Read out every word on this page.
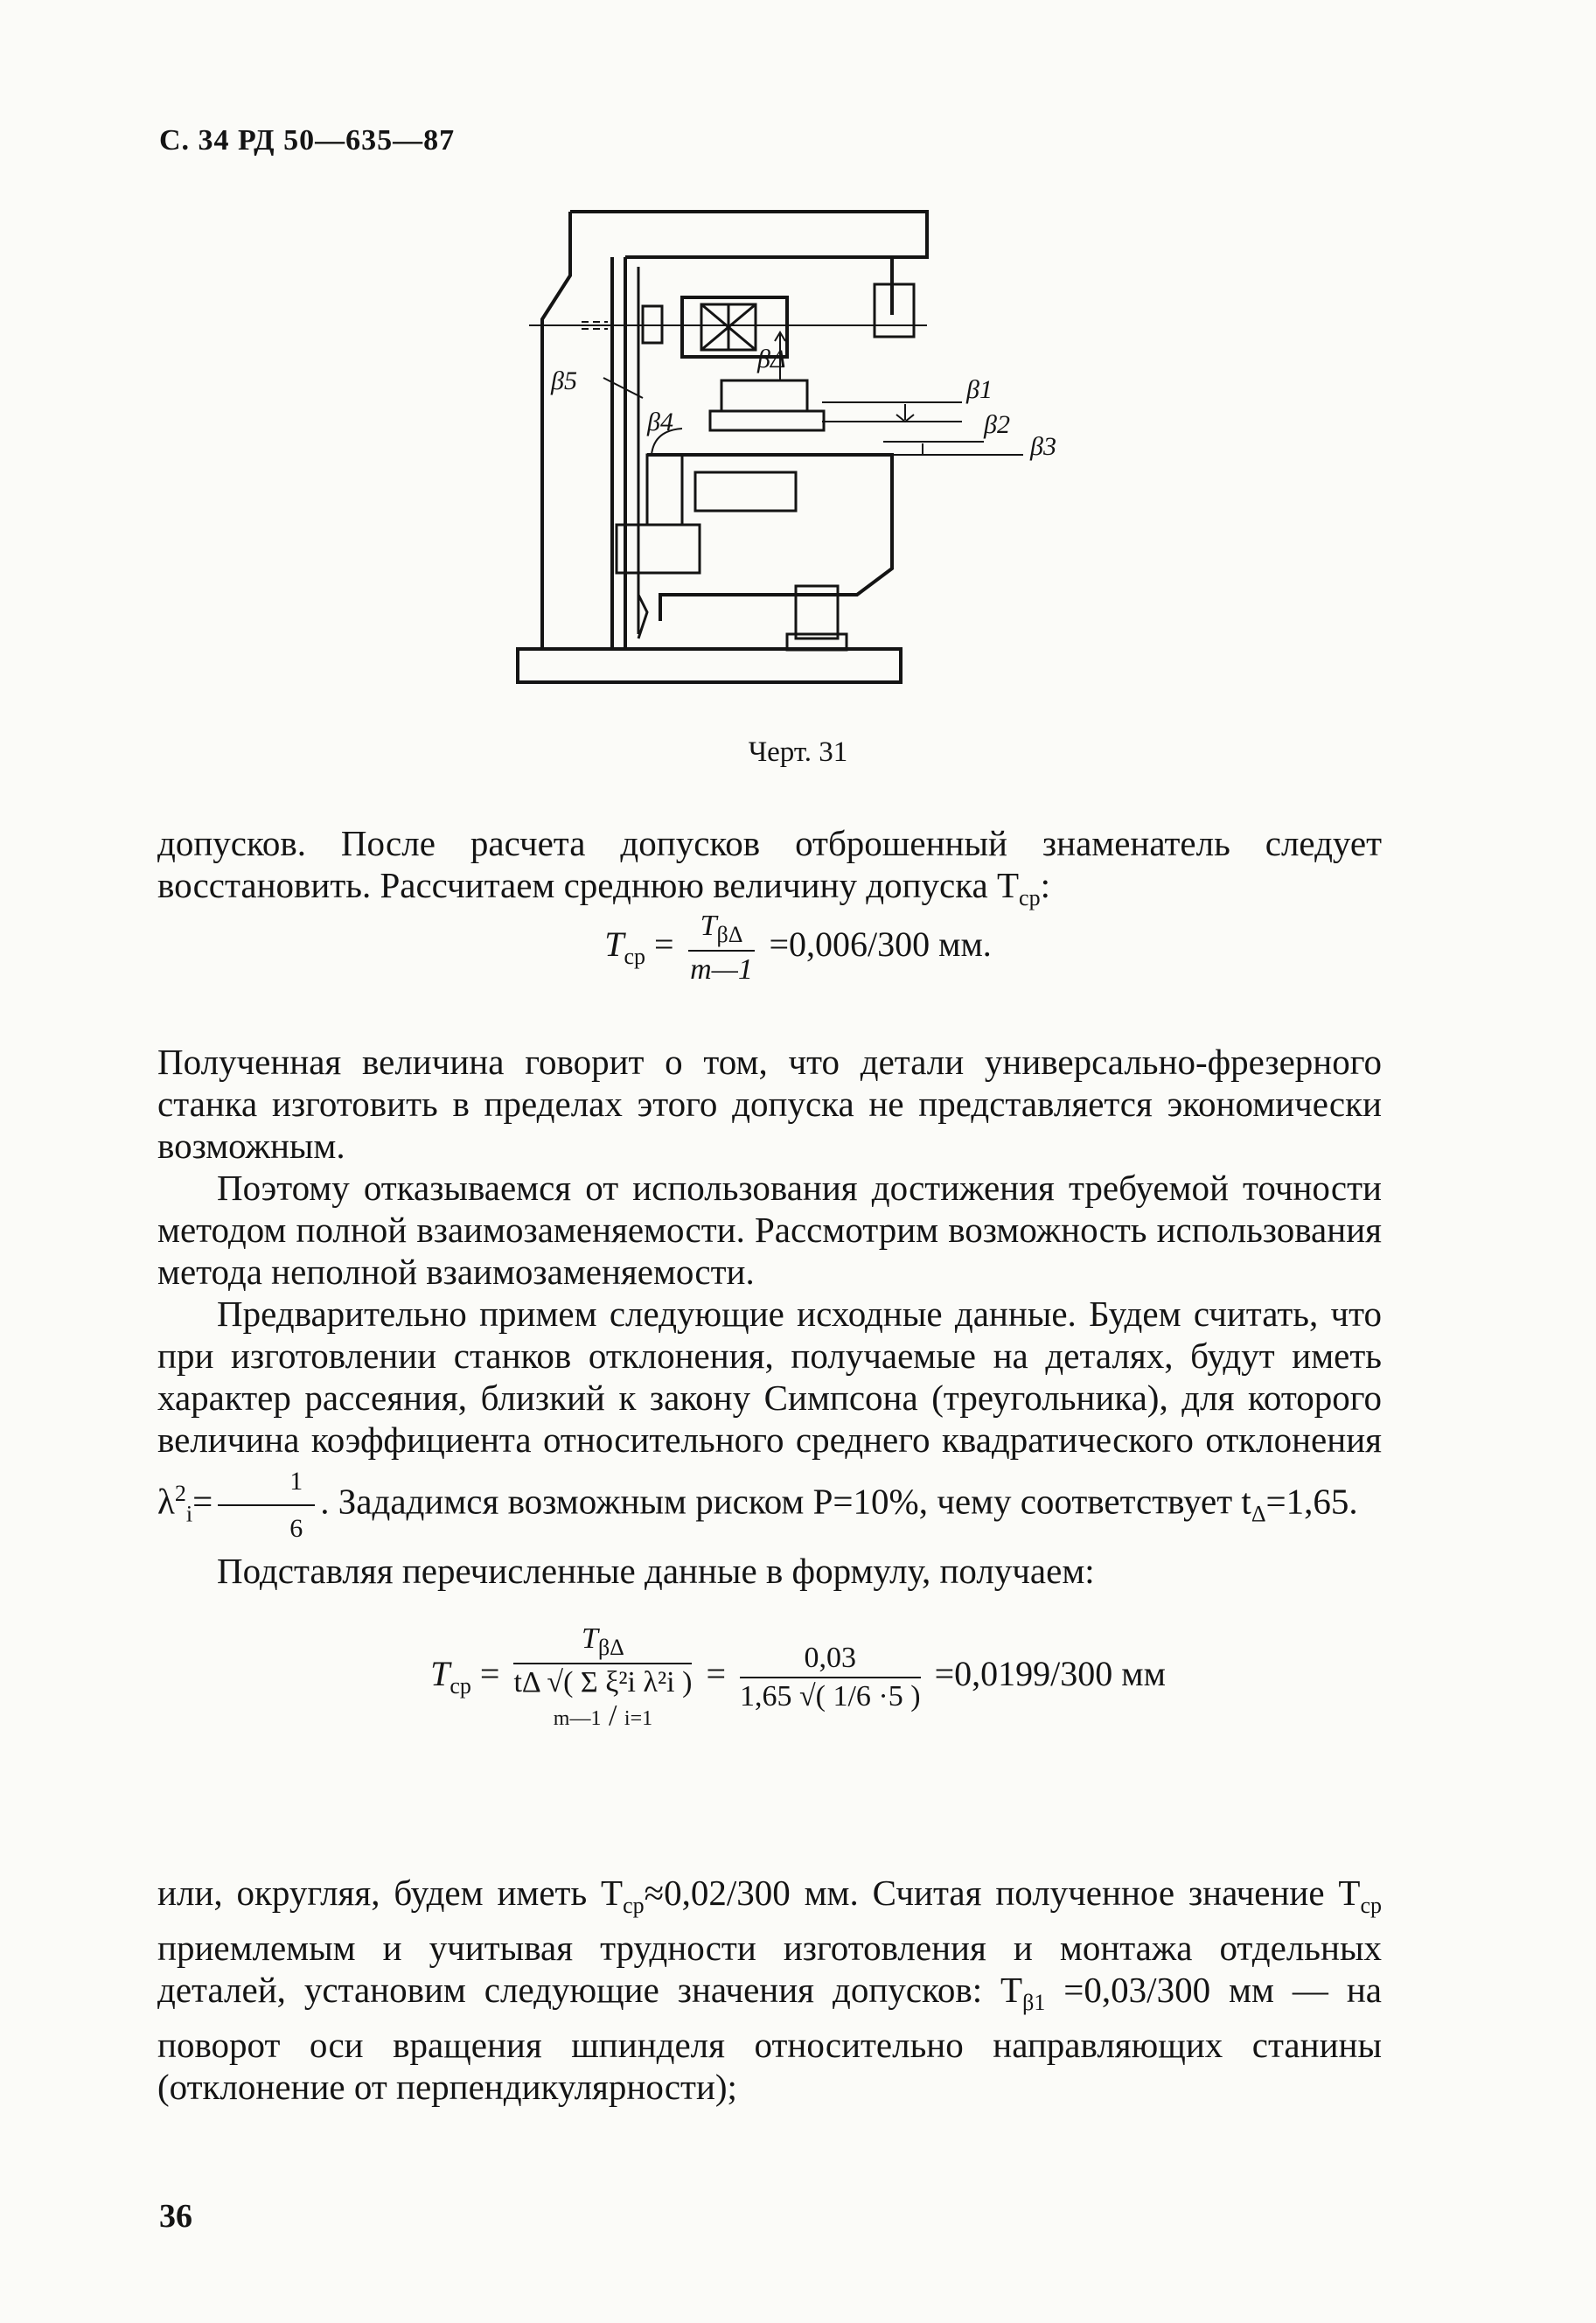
С. 34 РД 50—635—87
β5
β4
βΔ
β1
β2
β3
Черт. 31

допусков. После расчета допусков отброшенный знаменатель следует восстановить. Рассчитаем среднюю величину допуска $T_{ср}$:

$T_{ср} = \frac{T_{\beta\Delta}}{m—1} =0,006/300$ мм.

Полученная величина говорит о том, что детали универсально-фрезерного станка изготовить в пределах этого допуска не представляется экономически возможным.

Поэтому отказываемся от использования достижения требуемой точности методом полной взаимозаменяемости. Рассмотрим возможность использования метода неполной взаимозаменяемости.

Предварительно примем следующие исходные данные. Будем считать, что при изготовлении станков отклонения, получаемые на деталях, будут иметь характер рассеяния, близкий к закону Симпсона (треугольника), для которого величина коэффициента относительного среднего квадратического отклонения $\lambda^2_i= \frac{1}{6}$ . Зададимся возможным риском P=10%, чему соответствует $t_\Delta=1,65$.

Подставляя перечисленные данные в формулу, получаем:

$T_{ср}$ =
$T_{\beta\Delta}$
tΔ √( Σ ξ²i λ²i )
m—1 / i=1
= $\frac{0,03}{1,65 √( 1/6 \cdot 5 )} =0,0199/300$ мм

или, округляя, будем иметь $T_{ср}\approx 0,02/300$ мм. Считая полученное значение $T_{ср}$ приемлемым и учитывая трудности изготовления и монтажа отдельных деталей, установим следующие значения допусков: $T_{\beta 1} =0,03/300$ мм — на поворот оси вращения шпинделя относительно направляющих станины (отклонение от перпендикулярности);

36
